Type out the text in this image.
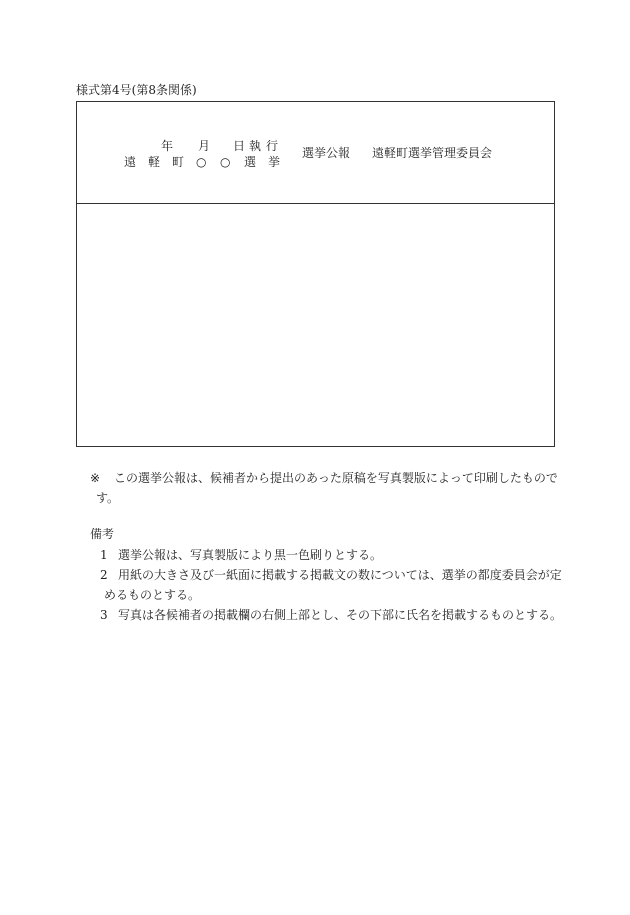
様式第4号(第8条関係)
年 月 日 執 行
遠 軽 町 ○ ○ 選 挙
選挙公報 遠軽町選挙管理委員会
※ この選挙公報は、候補者から提出のあった原稿を写真製版によって印刷したもので
す。
備考
1 選挙公報は、写真製版により黒一色刷りとする。
2 用紙の大きさ及び一紙面に掲載する掲載文の数については、選挙の都度委員会が定
めるものとする。
3 写真は各候補者の掲載欄の右側上部とし、その下部に氏名を掲載するものとする。
